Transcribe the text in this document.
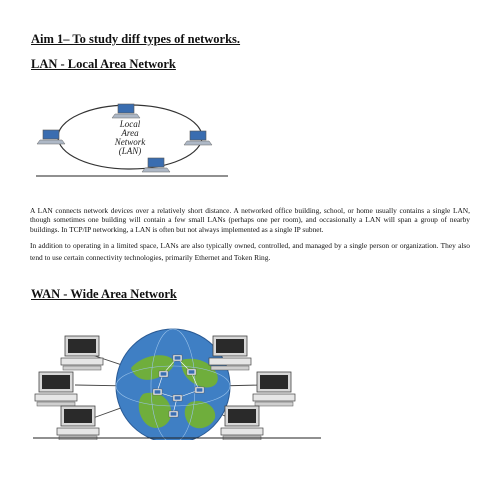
Aim 1– To study diff types of networks.
LAN - Local Area Network
Local
Area
Network
(LAN)
A LAN connects network devices over a relatively short distance. A networked office building, school, or home usually contains a single LAN, though sometimes one building will contain a few small LANs (perhaps one per room), and occasionally a LAN will span a group of nearby buildings. In TCP/IP networking, a LAN is often but not always implemented as a single IP subnet.
In addition to operating in a limited space, LANs are also typically owned, controlled, and managed by a single person or organization. They also tend to use certain connectivity technologies, primarily Ethernet and Token Ring.
WAN - Wide Area Network
